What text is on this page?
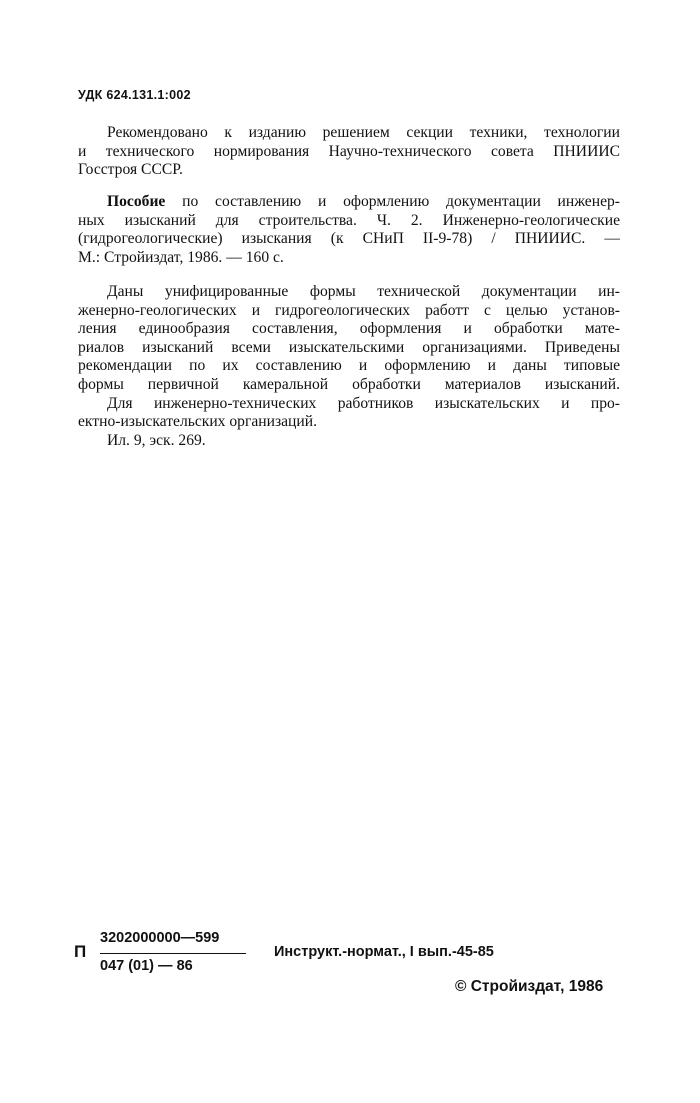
УДК 624.131.1:002
Рекомендовано к изданию решением секции техники, технологии
и технического нормирования Научно-технического совета ПНИИИС
Госстроя СССР.
Пособие по составлению и оформлению документации инженер-
ных изысканий для строительства. Ч. 2. Инженерно-геологические
(гидрогеологические) изыскания (к СНиП II-9-78) / ПНИИИС. —
М.: Стройиздат, 1986. — 160 с.
Даны унифицированные формы технической документации ин-
женерно-геологических и гидрогеологических работт с целью установ-
ления единообразия составления, оформления и обработки мате-
риалов изысканий всеми изыскательскими организациями. Приведены
рекомендации по их составлению и оформлению и даны типовые
формы первичной камеральной обработки материалов изысканий.
Для инженерно-технических работников изыскательских и про-
ектно-изыскательских организаций.
Ил. 9, эск. 269.
П
3202000000—599
047 (01) — 86
Инструкт.-нормат., I вып.-45-85
© Стройиздат, 1986
